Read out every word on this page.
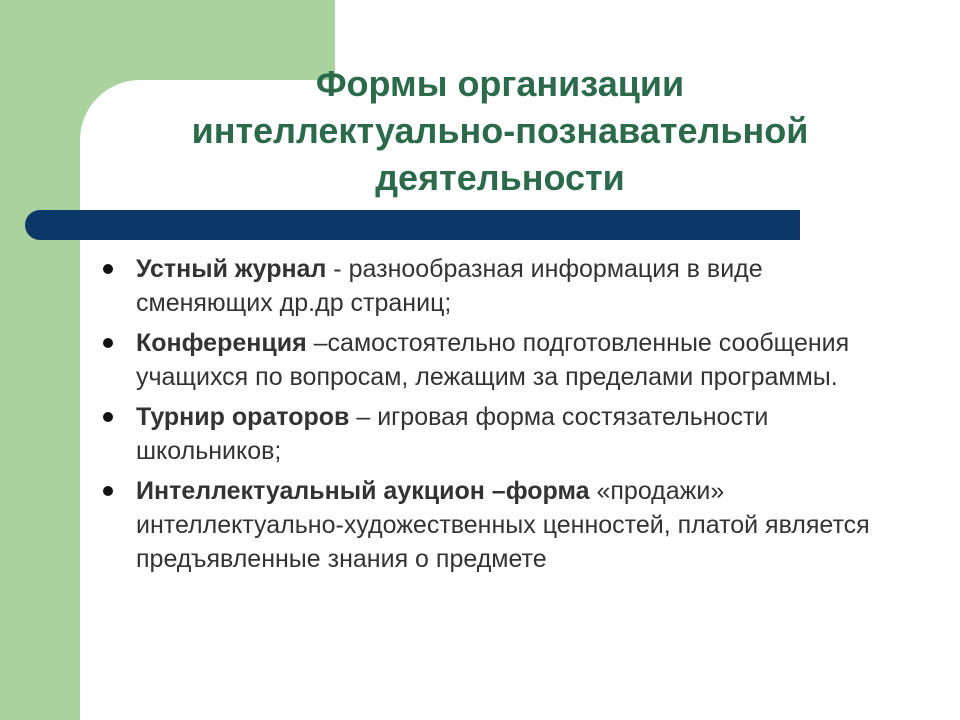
Формы организации
интеллектуально-познавательной
деятельности
Устный журнал - разнообразная информация в виде сменяющих др.др страниц;
Конференция –самостоятельно подготовленные сообщения учащихся по вопросам, лежащим за пределами программы.
Турнир ораторов – игровая форма состязательности школьников;
Интеллектуальный аукцион –форма «продажи» интеллектуально-художественных ценностей, платой является предъявленные знания о предмете
